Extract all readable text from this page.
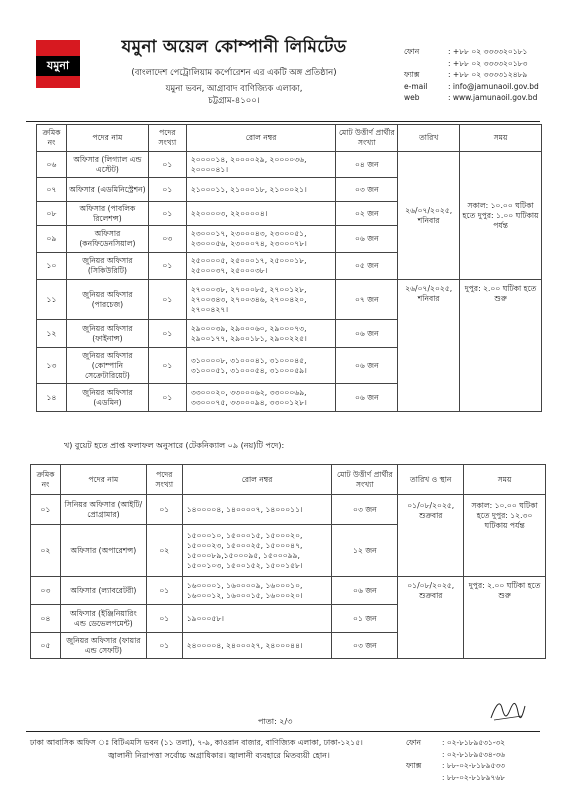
যমুনা
যমুনা অয়েল কোম্পানী লিমিটেড
(বাংলাদেশ পেট্রোলিয়াম কর্পোরেশন এর একটি অঙ্গ প্রতিষ্ঠান)
যমুনা ভবন, আগ্রাবাদ বাণিজ্যিক এলাকা,
চট্টগ্রাম-৪১০০।
ফোন	: +৮৮ ০২ ৩৩৩৩২০১৮১
: +৮৮ ০২ ৩৩৩৩২০১৮৩
ফ্যাক্স	: +৮৮ ০২ ৩৩৩৩১২৪৮৯
e-mail	: info@jamunaoil.gov.bd
web	: www.jamunaoil.gov.bd
ক্রমিক নং	পদের নাম	পদের সংখ্যা	রোল নম্বর	মোট উত্তীর্ণ প্রার্থীর সংখ্যা	তারিখ	সময়
০৬	অফিসার (লিগ্যাল এন্ড এস্টেট)	০১	২০০০০১৪, ২০০০০২৯, ২০০০০৩৬, ২০০০০৪১।	০৪ জন	২৬/০৭/২০২৫, শনিবার	সকাল: ১০.০০ ঘটিকা হতে দুপুর: ১.০০ ঘটিকায় পর্যন্ত
০৭	অফিসার (এডমিনিস্ট্রেশন)	০১	২১০০০১১, ২১০০০১৮, ২১০০০২১।	০৩ জন		
০৮	অফিসার (পাবলিক রিলেশন্স)	০১	২২০০০০৩, ২২০০০০৪।	০২ জন		
০৯	অফিসার (কনফিডেনসিয়াল)	০৩	২৩০০০১৭, ২৩০০০৪৩, ২৩০০০৫১, ২৩০০০৫৬, ২৩০০০৭৪, ২৩০০০৭৮।	০৬ জন		
১০	জুনিয়র অফিসার (সিকিউরিটি)	০১	২৫০০০০৫, ২৫০০০১৭, ২৫০০০১৮, ২৫০০০৩৭, ২৫০০০৩৮।	০৫ জন		
১১	জুনিয়র অফিসার (পারচেজ)	০১	২৭০০০৩৮, ২৭০০০৮৫, ২৭০০১২৮, ২৭০০৩৪৩, ২৭০০৩৪৬, ২৭০০৪২০, ২৭০০৪২৭।	০৭ জন	২৬/০৭/২০২৫, শনিবার	দুপুর: ২.০০ ঘটিকা হতে শুরু
১২	জুনিয়র অফিসার (ফাইনান্স)	০১	২৯০০০৩৯, ২৯০০০৬০, ২৯০০০৭৩, ২৯০০১৭৭, ২৯০০১৮১, ২৯০০২২৫।	০৬ জন		
১৩	জুনিয়র অফিসার (কোম্পানি সেক্রেটারিয়েট)	০১	৩১০০০০৮, ৩১০০০৪১, ৩১০০০৪৫, ৩১০০০৫১, ৩১০০০৫৪, ৩১০০০৫৯।	০৬ জন		
১৪	জুনিয়র অফিসার (এডমিন)	০১	৩৩০০০২০, ৩৩০০০৬২, ৩৩০০০৬৯, ৩৩০০০৭৫, ৩৩০০০৯৪, ৩৩০০১২৮।	০৬ জন		
খ) বুয়েট হতে প্রাপ্ত ফলাফল অনুসারে (টেকনিক্যাল ০৯ (নয়)টি পদে):
ক্রমিক নং	পদের নাম	পদের সংখ্যা	রোল নম্বর	মোট উত্তীর্ণ প্রার্থীর সংখ্যা	তারিখ ও স্থান	সময়
০১	সিনিয়র অফিসার (আইটি/প্রোগ্রামার)	০১	১৪০০০০৪, ১৪০০০০৭, ১৪০০০১১।	০৩ জন	০১/০৮/২০২৫, শুক্রবার	সকাল: ১০.০০ ঘটিকা হতে দুপুর: ১২.৩০ ঘটিকায় পর্যন্ত
০২	অফিসার (অপারেশন্স)	০২	১৫০০০১০, ১৫০০০১৫, ১৫০০০২০, ১৫০০০২৩, ১৫০০০২৫, ১৫০০০৪৭, ১৫০০০৮৯,১৫০০০৯৫, ১৫০০০৯৯, ১৫০০১০৩, ১৫০০১৫২, ১৫০০১৫৮।	১২ জন		
০৩	অফিসার (ল্যাবরেটরী)	০১	১৬০০০০১, ১৬০০০০৯, ১৬০০০১০, ১৬০০০১২, ১৬০০০১৫, ১৬০০০২০।	০৬ জন	০১/০৮/২০২৫, শুক্রবার	দুপুর: ২.০০ ঘটিকা হতে শুরু
০৪	অফিসার (ইঞ্জিনিয়ারিং এন্ড ডেভেলপমেন্ট)	০১	১৯০০০৫৮।	০১ জন		
০৫	জুনিয়র অফিসার (ফায়ার এন্ড সেফটি)	০১	২৪০০০০৪, ২৪০০০২৭, ২৪০০০৪৪।	০৩ জন		
পাতা: ২/৩
ঢাকা আবাসিক অফিস ঃ বিটিএমসি ভবন (১১ তলা), ৭-৯, কাওরান বাজার, বাণিজ্যিক এলাকা, ঢাকা-১২১৫।
জ্বালানী নিরাপত্তা সর্বোচ্চ অগ্রাধিকার। জ্বালানী ব্যবহারে মিতব্যয়ী হোন।
ফোন	: ০২-৮১৮৯৫৩১-৩২
: ০২-৮১৮৯৫৩৪-৩৬
ফ্যাক্স	: ৮৮-০২-৮১৮৯৫৩৩
: ৮৮-০২-৮১৮৯৭৬৮
